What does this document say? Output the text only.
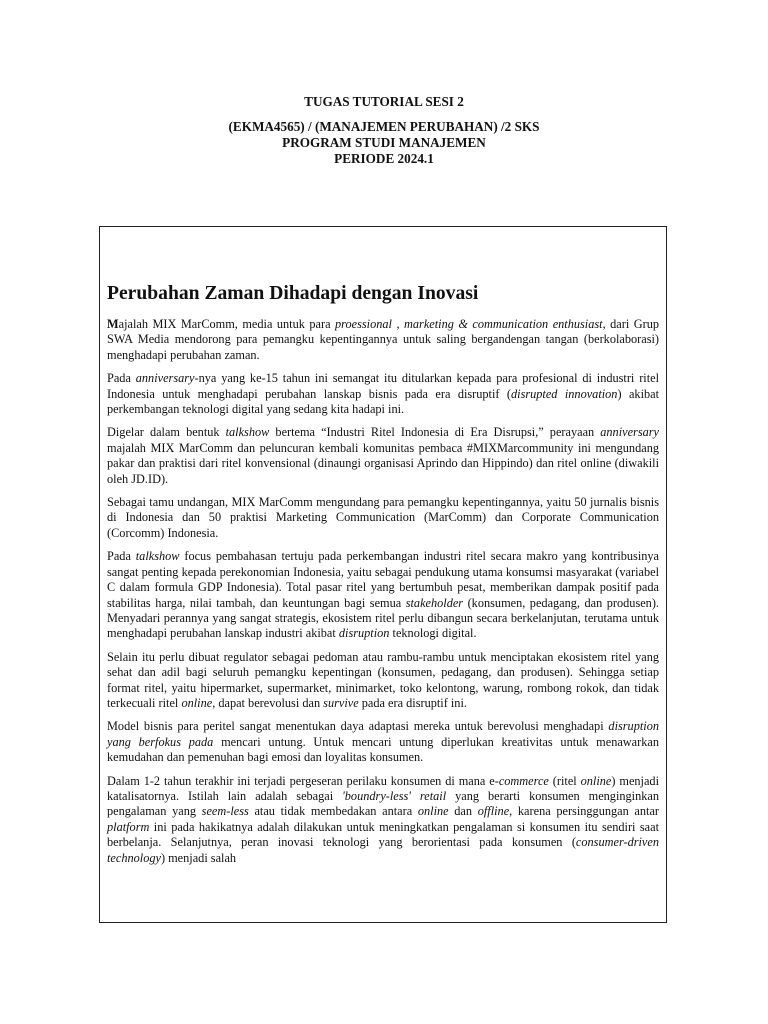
TUGAS TUTORIAL SESI 2
(EKMA4565) / (MANAJEMEN PERUBAHAN) /2 SKS
PROGRAM STUDI MANAJEMEN
PERIODE 2024.1
Perubahan Zaman Dihadapi dengan Inovasi

Majalah MIX MarComm, media untuk para proessional , marketing & communication enthusiast, dari Grup SWA Media mendorong para pemangku kepentingannya untuk saling bergandengan tangan (berkolaborasi) menghadapi perubahan zaman.

Pada anniversary-nya yang ke-15 tahun ini semangat itu ditularkan kepada para profesional di industri ritel Indonesia untuk menghadapi perubahan lanskap bisnis pada era disruptif (disrupted innovation) akibat perkembangan teknologi digital yang sedang kita hadapi ini.

Digelar dalam bentuk talkshow bertema “Industri Ritel Indonesia di Era Disrupsi,” perayaan anniversary majalah MIX MarComm dan peluncuran kembali komunitas pembaca #MIXMarcommunity ini mengundang pakar dan praktisi dari ritel konvensional (dinaungi organisasi Aprindo dan Hippindo) dan ritel online (diwakili oleh JD.ID).

Sebagai tamu undangan, MIX MarComm mengundang para pemangku kepentingannya, yaitu 50 jurnalis bisnis di Indonesia dan 50 praktisi Marketing Communication (MarComm) dan Corporate Communication (Corcomm) Indonesia.

Pada talkshow focus pembahasan tertuju pada perkembangan industri ritel secara makro yang kontribusinya sangat penting kepada perekonomian Indonesia, yaitu sebagai pendukung utama konsumsi masyarakat (variabel C dalam formula GDP Indonesia). Total pasar ritel yang bertumbuh pesat, memberikan dampak positif pada stabilitas harga, nilai tambah, dan keuntungan bagi semua stakeholder (konsumen, pedagang, dan produsen). Menyadari perannya yang sangat strategis, ekosistem ritel perlu dibangun secara berkelanjutan, terutama untuk menghadapi perubahan lanskap industri akibat disruption teknologi digital.

Selain itu perlu dibuat regulator sebagai pedoman atau rambu-rambu untuk menciptakan ekosistem ritel yang sehat dan adil bagi seluruh pemangku kepentingan (konsumen, pedagang, dan produsen). Sehingga setiap format ritel, yaitu hipermarket, supermarket, minimarket, toko kelontong, warung, rombong rokok, dan tidak terkecuali ritel online, dapat berevolusi dan survive pada era disruptif ini.

Model bisnis para peritel sangat menentukan daya adaptasi mereka untuk berevolusi menghadapi disruption yang berfokus pada mencari untung. Untuk mencari untung diperlukan kreativitas untuk menawarkan kemudahan dan pemenuhan bagi emosi dan loyalitas konsumen.

Dalam 1-2 tahun terakhir ini terjadi pergeseran perilaku konsumen di mana e-commerce (ritel online) menjadi katalisatornya. Istilah lain adalah sebagai 'boundry-less' retail yang berarti konsumen menginginkan pengalaman yang seem-less atau tidak membedakan antara online dan offline, karena persinggungan antar platform ini pada hakikatnya adalah dilakukan untuk meningkatkan pengalaman si konsumen itu sendiri saat berbelanja. Selanjutnya, peran inovasi teknologi yang berorientasi pada konsumen (consumer-driven technology) menjadi salah
